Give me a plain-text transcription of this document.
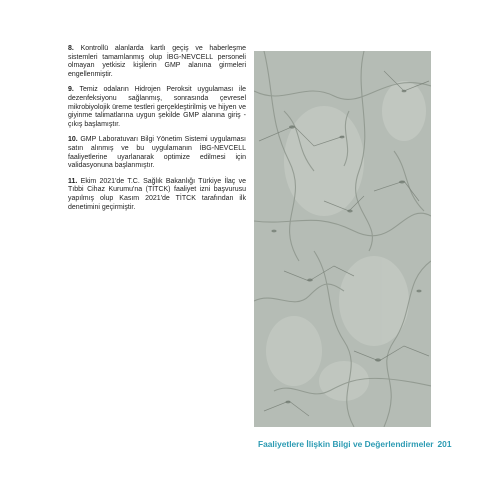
8. Kontrollü alanlarda kartlı geçiş ve haberleşme sistemleri tamamlanmış olup İBG-NEVCELL personeli olmayan yetkisiz kişilerin GMP alanına girmeleri engellenmiştir.

9. Temiz odaların Hidrojen Peroksit uygulaması ile dezenfeksiyonu sağlanmış, sonrasında çevresel mikrobiyolojik üreme testleri gerçekleştirilmiş ve hijyen ve giyinme talimatlarına uygun şekilde GMP alanına giriş - çıkış başlamıştır.

10. GMP Laboratuvarı Bilgi Yönetim Sistemi uygulaması satın alınmış ve bu uygulamanın İBG-NEVCELL faaliyetlerine uyarlanarak optimize edilmesi için validasyonuna başlanmıştır.

11. Ekim 2021'de T.C. Sağlık Bakanlığı Türkiye İlaç ve Tıbbi Cihaz Kurumu'na (TİTCK) faaliyet izni başvurusu yapılmış olup Kasım 2021'de TİTCK tarafından ilk denetimini geçirmiştir.

Faaliyetlere İlişkin Bilgi ve Değerlendirmeler 201
